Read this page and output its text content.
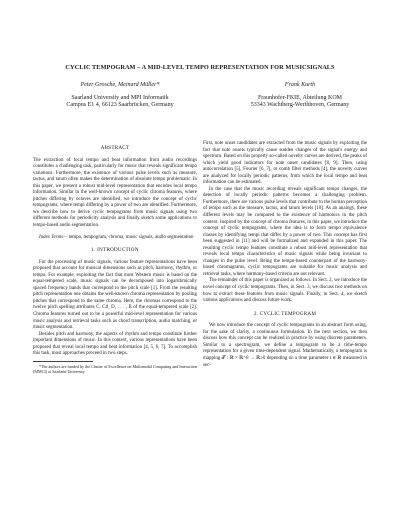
CYCLIC TEMPOGRAM – A MID-LEVEL TEMPO REPRESENTATION FOR MUSICSIGNALS
Peter Grosche, Meinard Müller*
Saarland University and MPI Informatik
Campus E1 4, 66123 Saarbrücken, Germany
Frank Kurth
Fraunhofer-FKIE, Abteilung KOM
53343 Wachtberg-Werthhoven, Germany
ABSTRACT

The extraction of local tempo and beat information from audio recordings constitutes a challenging task, particularly for music that reveals significant tempo variations. Furthermore, the existence of various pulse levels such as measure, tactus, and tatum often makes the determination of absolute tempo problematic. In this paper, we present a robust mid-level representation that encodes local tempo information. Similar to the well-known concept of cyclic chroma features, where pitches differing by octaves are identified, we introduce the concept of cyclic tempograms, where tempi differing by a power of two are identified. Furthermore, we describe how to derive cyclic tempograms from music signals using two different methods for periodicity analysis and finally sketch some applications to tempo-based audio segmentation.

Index Terms— tempo, tempogram, chroma, music signals, audio segmentation

1. INTRODUCTION

For the processing of music signals, various feature representations have been proposed that account for musical dimensions such as pitch, harmony, rhythm, or tempo. For example, exploiting the fact that most Western music is based on the equal-tempered scale, music signals can be decomposed into logarithmically spaced frequency bands that correspond to the pitch scale [1]. From the resulting pitch representation one obtains the well-known chroma representation by pooling pitches that correspond to the same chroma. Here, the chromas correspond to the twelve pitch spelling attributes C, C♯, D, . . . , B of the equal-tempered scale [2]. Chroma features turned out to be a powerful mid-level representation for various music analysis and retrieval tasks such as chord transcription, audio matching, or music segmentation.

Besides pitch and harmony, the aspects of rhythm and tempo constitute further important dimensions of music. In this context, various representations have been proposed that reveal local tempo and beat information [4, 5, 6, 7]. To accomplish this task, most approaches proceed in two steps.

*The authors are funded by the Cluster of Excellence on Multimodal Computing and Interaction (MMCI) at Saarland University.

First, note onset candidates are extracted from the music signals by exploiting the fact that note onsets typically cause sudden changes of the signal's energy and spectrum. Based on this property so-called novelty curves are derived, the peaks of which yield good indicators for note onset candidates [8, 9]. Then, using autocorrelation [5], Fourier [6, 7], or comb filter methods [4], the novelty curves are analyzed for locally periodic patterns, from which the local tempo and beat information can be estimated.

In the case that the music recording reveals significant tempo changes, the detection of locally periodic patterns becomes a challenging problem. Furthermore, there are various pulse levels that contribute to the human perception of tempo such as the measure, tactus, and tatum levels [10]. As an analogy, these different levels may be compared to the existence of harmonics in the pitch context. Inspired by the concept of chroma features, in this paper, we introduce the concept of cyclic tempograms, where the idea is to form tempo equivalence classes by identifying tempi that differ by a power of two. This concept has first been suggested in [11] and will be formalized and expanded in this paper. The resulting cyclic tempo features constitute a robust mid-level representation that reveals local tempo characteristics of music signals while being invariant to changes in the pulse level. Being the tempo-based counterpart of the harmony-based chromagrams, cyclic tempograms are suitable for music analysis and retrieval tasks, where harmony-based criteria are not relevant.

The remainder of this paper is organized as follows. In Sect. 2, we introduce the novel concept of cyclic tempograms. Then, in Sect. 3, we discuss two methods on how to extract these features from music signals. Finally, in Sect. 4, we sketch various applications and discuss future work.

2. CYCLIC TEMPOGRAM

We now introduce the concept of cyclic tempograms in an abstract form using, for the sake of clarity, a continuous formulation. In the next section, we then discuss how this concept can be realized in practice by using discrete parameters. Similar to a spectrogram, we define a tempogram to be a time-tempo representation for a given time-dependent signal. Mathematically, a tempogram is mapping 𝒯 : ℝ × ℝ>0 → ℝ≥0 depending on a time parameter t ∈ ℝ measured in sec-
